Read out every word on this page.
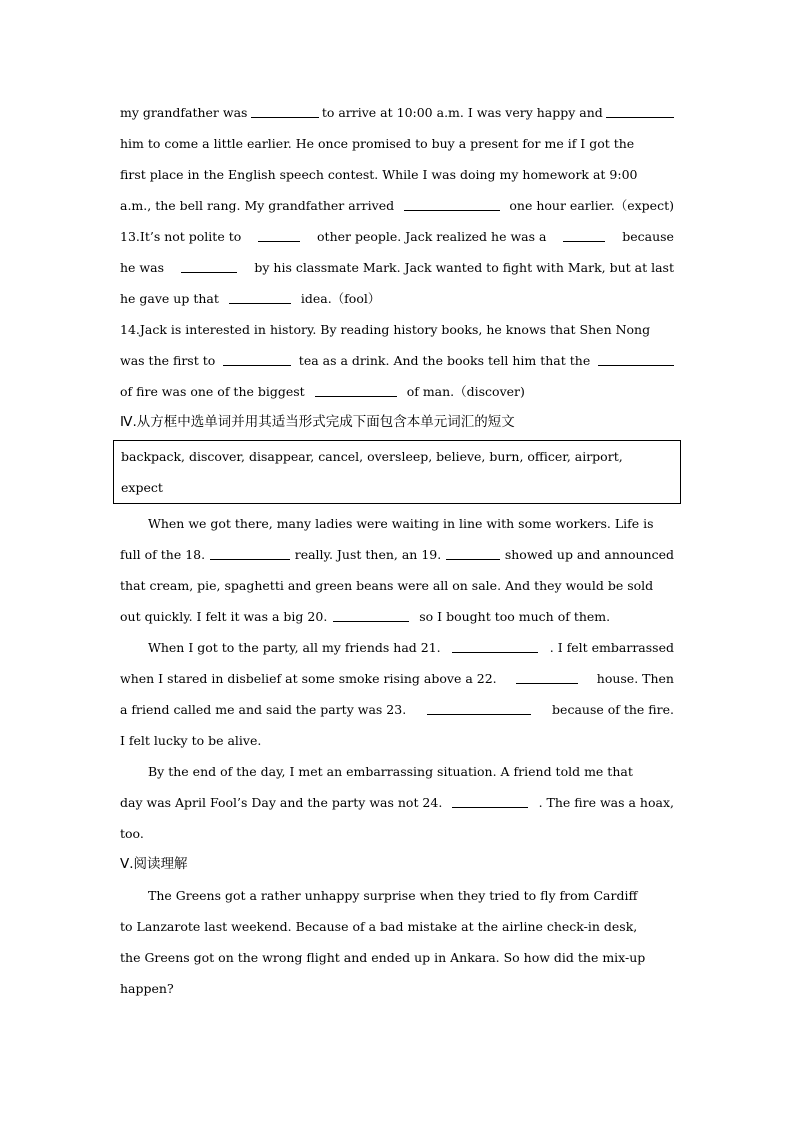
my grandfather was	to arrive at 10:00 a.m. I was very happy and
him to come a little earlier. He once promised to buy a present for me if I got the
first place in the English speech contest. While I was doing my homework at 9:00
a.m., the bell rang. My grandfather arrived	one hour earlier.（expect)
13.It’s not polite to	other people. Jack realized he was a	because
he was	by his classmate Mark. Jack wanted to fight with Mark, but at last
he gave up that	idea.（fool）
14.Jack is interested in history. By reading history books, he knows that Shen Nong
was the first to	tea as a drink. And the books tell him that the
of fire was one of the biggest	of man.（discover)
Ⅳ.从方框中选单词并用其适当形式完成下面包含本单元词汇的短文
backpack, discover, disappear, cancel, oversleep, believe, burn, officer, airport,
expect
When we got there, many ladies were waiting in line with some workers. Life is
full of the 18.	really. Just then, an 19.	showed up and announced
that cream, pie, spaghetti and green beans were all on sale. And they would be sold
out quickly. I felt it was a big 20.	so I bought too much of them.
When I got to the party, all my friends had 21.	. I felt embarrassed
when I stared in disbelief at some smoke rising above a 22.	house. Then
a friend called me and said the party was 23.	because of the fire.
I felt lucky to be alive.
By the end of the day, I met an embarrassing situation. A friend told me that
day was April Fool’s Day and the party was not 24.	. The fire was a hoax,
too.
Ⅴ.阅读理解
The Greens got a rather unhappy surprise when they tried to fly from Cardiff
to Lanzarote last weekend. Because of a bad mistake at the airline check-in desk,
the Greens got on the wrong flight and ended up in Ankara. So how did the mix-up
happen?
